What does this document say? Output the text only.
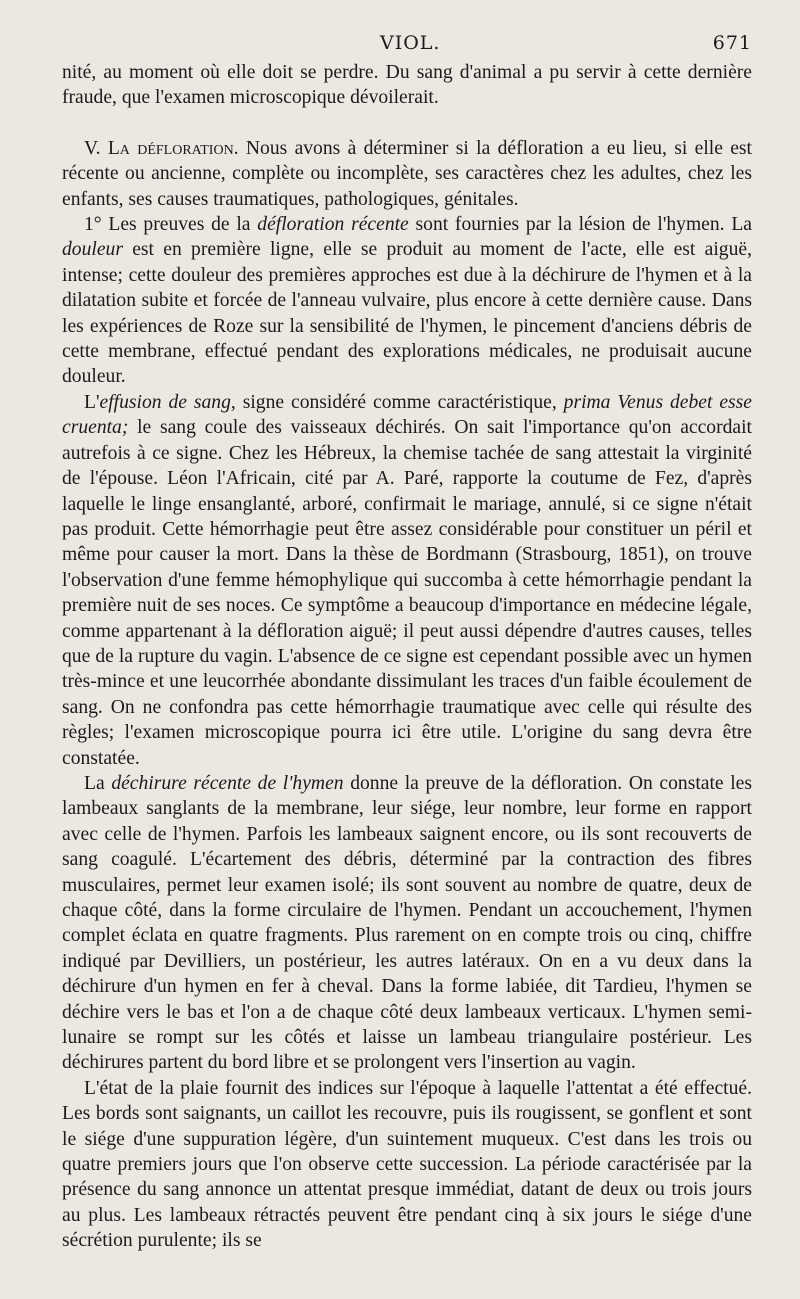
VIOL.	671

nité, au moment où elle doit se perdre. Du sang d'animal a pu servir à cette dernière fraude, que l'examen microscopique dévoilerait.

V. La défloration. Nous avons à déterminer si la défloration a eu lieu, si elle est récente ou ancienne, complète ou incomplète, ses caractères chez les adultes, chez les enfants, ses causes traumatiques, pathologiques, génitales.

1° Les preuves de la défloration récente sont fournies par la lésion de l'hymen. La douleur est en première ligne, elle se produit au moment de l'acte, elle est aiguë, intense; cette douleur des premières approches est due à la déchirure de l'hymen et à la dilatation subite et forcée de l'anneau vulvaire, plus encore à cette dernière cause. Dans les expériences de Roze sur la sensibilité de l'hymen, le pincement d'anciens débris de cette membrane, effectué pendant des explorations médicales, ne produisait aucune douleur.

L'effusion de sang, signe considéré comme caractéristique, prima Venus debet esse cruenta; le sang coule des vaisseaux déchirés. On sait l'importance qu'on accordait autrefois à ce signe. Chez les Hébreux, la chemise tachée de sang attestait la virginité de l'épouse. Léon l'Africain, cité par A. Paré, rapporte la coutume de Fez, d'après laquelle le linge ensanglanté, arboré, confirmait le mariage, annulé, si ce signe n'était pas produit. Cette hémorrhagie peut être assez considérable pour constituer un péril et même pour causer la mort. Dans la thèse de Bordmann (Strasbourg, 1851), on trouve l'observation d'une femme hémophylique qui succomba à cette hémorrhagie pendant la première nuit de ses noces. Ce symptôme a beaucoup d'importance en médecine légale, comme appartenant à la défloration aiguë; il peut aussi dépendre d'autres causes, telles que de la rupture du vagin. L'absence de ce signe est cependant possible avec un hymen très-mince et une leucorrhée abondante dissimulant les traces d'un faible écoulement de sang. On ne confondra pas cette hémorrhagie traumatique avec celle qui résulte des règles; l'examen microscopique pourra ici être utile. L'origine du sang devra être constatée.

La déchirure récente de l'hymen donne la preuve de la défloration. On constate les lambeaux sanglants de la membrane, leur siége, leur nombre, leur forme en rapport avec celle de l'hymen. Parfois les lambeaux saignent encore, ou ils sont recouverts de sang coagulé. L'écartement des débris, déterminé par la contraction des fibres musculaires, permet leur examen isolé; ils sont souvent au nombre de quatre, deux de chaque côté, dans la forme circulaire de l'hymen. Pendant un accouchement, l'hymen complet éclata en quatre fragments. Plus rarement on en compte trois ou cinq, chiffre indiqué par Devilliers, un postérieur, les autres latéraux. On en a vu deux dans la déchirure d'un hymen en fer à cheval. Dans la forme labiée, dit Tardieu, l'hymen se déchire vers le bas et l'on a de chaque côté deux lambeaux verticaux. L'hymen semi-lunaire se rompt sur les côtés et laisse un lambeau triangulaire postérieur. Les déchirures partent du bord libre et se prolongent vers l'insertion au vagin.

L'état de la plaie fournit des indices sur l'époque à laquelle l'attentat a été effectué. Les bords sont saignants, un caillot les recouvre, puis ils rougissent, se gonflent et sont le siége d'une suppuration légère, d'un suintement muqueux. C'est dans les trois ou quatre premiers jours que l'on observe cette succession. La période caractérisée par la présence du sang annonce un attentat presque immédiat, datant de deux ou trois jours au plus. Les lambeaux rétractés peuvent être pendant cinq à six jours le siége d'une sécrétion purulente; ils se
